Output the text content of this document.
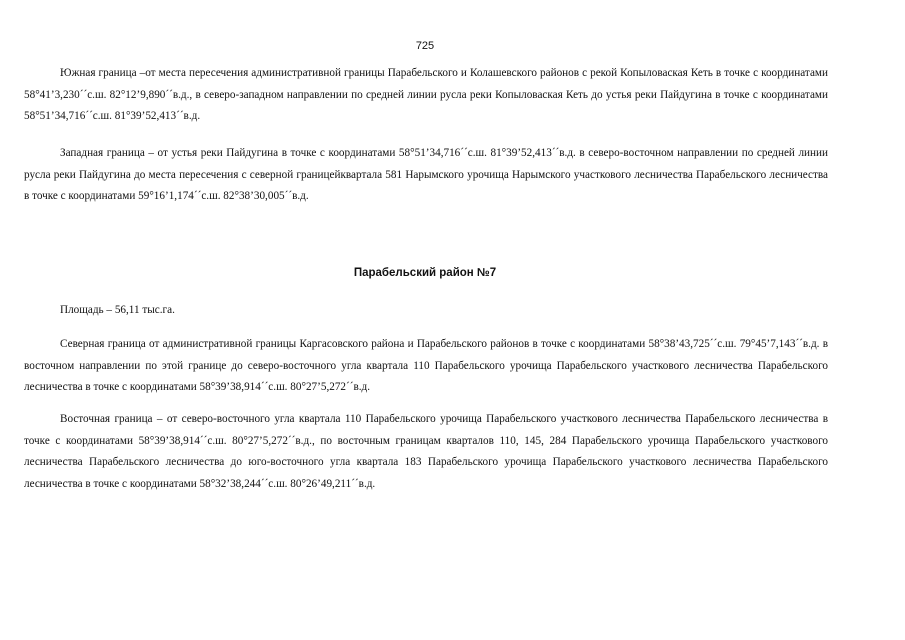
725

Южная граница –от места пересечения административной границы Парабельского и Колашевского районов с рекой Копыловаская Кеть в точке с координатами 58°41’3,230´´с.ш. 82°12’9,890´´в.д., в северо-западном направлении по средней линии русла реки Копыловаская Кеть до устья реки Пайдугина в точке с координатами 58°51’34,716´´с.ш. 81°39’52,413´´в.д.

Западная граница – от устья реки Пайдугина в точке с координатами 58°51’34,716´´с.ш. 81°39’52,413´´в.д. в северо-восточном направлении по средней линии русла реки Пайдугина до места пересечения с северной границейквартала 581 Нарымского урочища Нарымского участкового лесничества Парабельского лесничества в точке с координатами 59°16’1,174´´с.ш. 82°38’30,005´´в.д.

Парабельский район №7

Площадь – 56,11 тыс.га.

Северная граница от административной границы Каргасовского района и Парабельского районов в точке с координатами 58°38’43,725´´с.ш. 79°45’7,143´´в.д. в восточном направлении по этой границе до северо-восточного угла квартала 110 Парабельского урочища Парабельского участкового лесничества Парабельского лесничества в точке с координатами 58°39’38,914´´с.ш. 80°27’5,272´´в.д.

Восточная граница – от северо-восточного угла квартала 110 Парабельского урочища Парабельского участкового лесничества Парабельского лесничества в точке с координатами 58°39’38,914´´с.ш. 80°27’5,272´´в.д., по восточным границам кварталов 110, 145, 284 Парабельского урочища Парабельского участкового лесничества Парабельского лесничества до юго-восточного угла квартала 183 Парабельского урочища Парабельского участкового лесничества Парабельского лесничества в точке с координатами 58°32’38,244´´с.ш. 80°26’49,211´´в.д.
